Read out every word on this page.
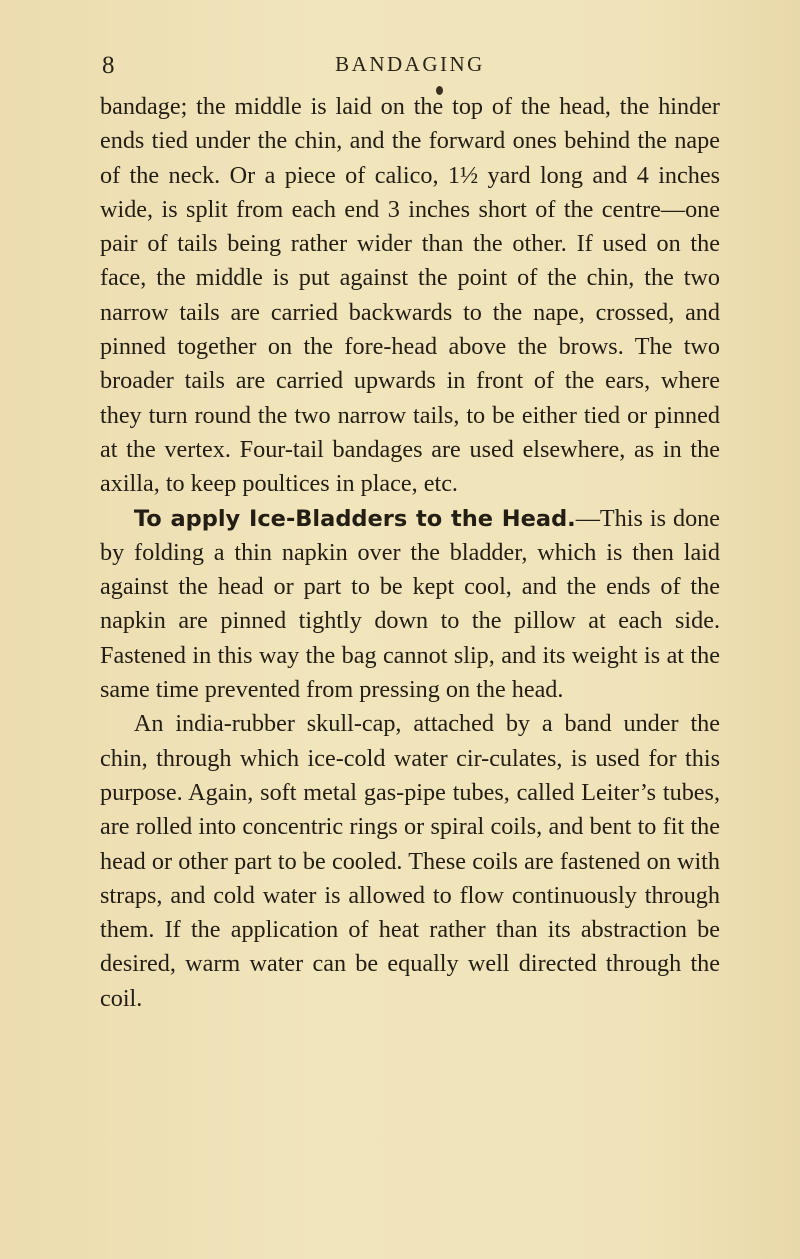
8	BANDAGING

bandage; the middle is laid on the top of the head, the hinder ends tied under the chin, and the forward ones behind the nape of the neck. Or a piece of calico, 1½ yard long and 4 inches wide, is split from each end 3 inches short of the centre—one pair of tails being rather wider than the other. If used on the face, the middle is put against the point of the chin, the two narrow tails are carried backwards to the nape, crossed, and pinned together on the fore-head above the brows. The two broader tails are carried upwards in front of the ears, where they turn round the two narrow tails, to be either tied or pinned at the vertex. Four-tail bandages are used elsewhere, as in the axilla, to keep poultices in place, etc.

To apply Ice-Bladders to the Head.—This is done by folding a thin napkin over the bladder, which is then laid against the head or part to be kept cool, and the ends of the napkin are pinned tightly down to the pillow at each side. Fastened in this way the bag cannot slip, and its weight is at the same time prevented from pressing on the head.

An india-rubber skull-cap, attached by a band under the chin, through which ice-cold water cir-culates, is used for this purpose. Again, soft metal gas-pipe tubes, called Leiter’s tubes, are rolled into concentric rings or spiral coils, and bent to fit the head or other part to be cooled. These coils are fastened on with straps, and cold water is allowed to flow continuously through them. If the application of heat rather than its abstraction be desired, warm water can be equally well directed through the coil.
